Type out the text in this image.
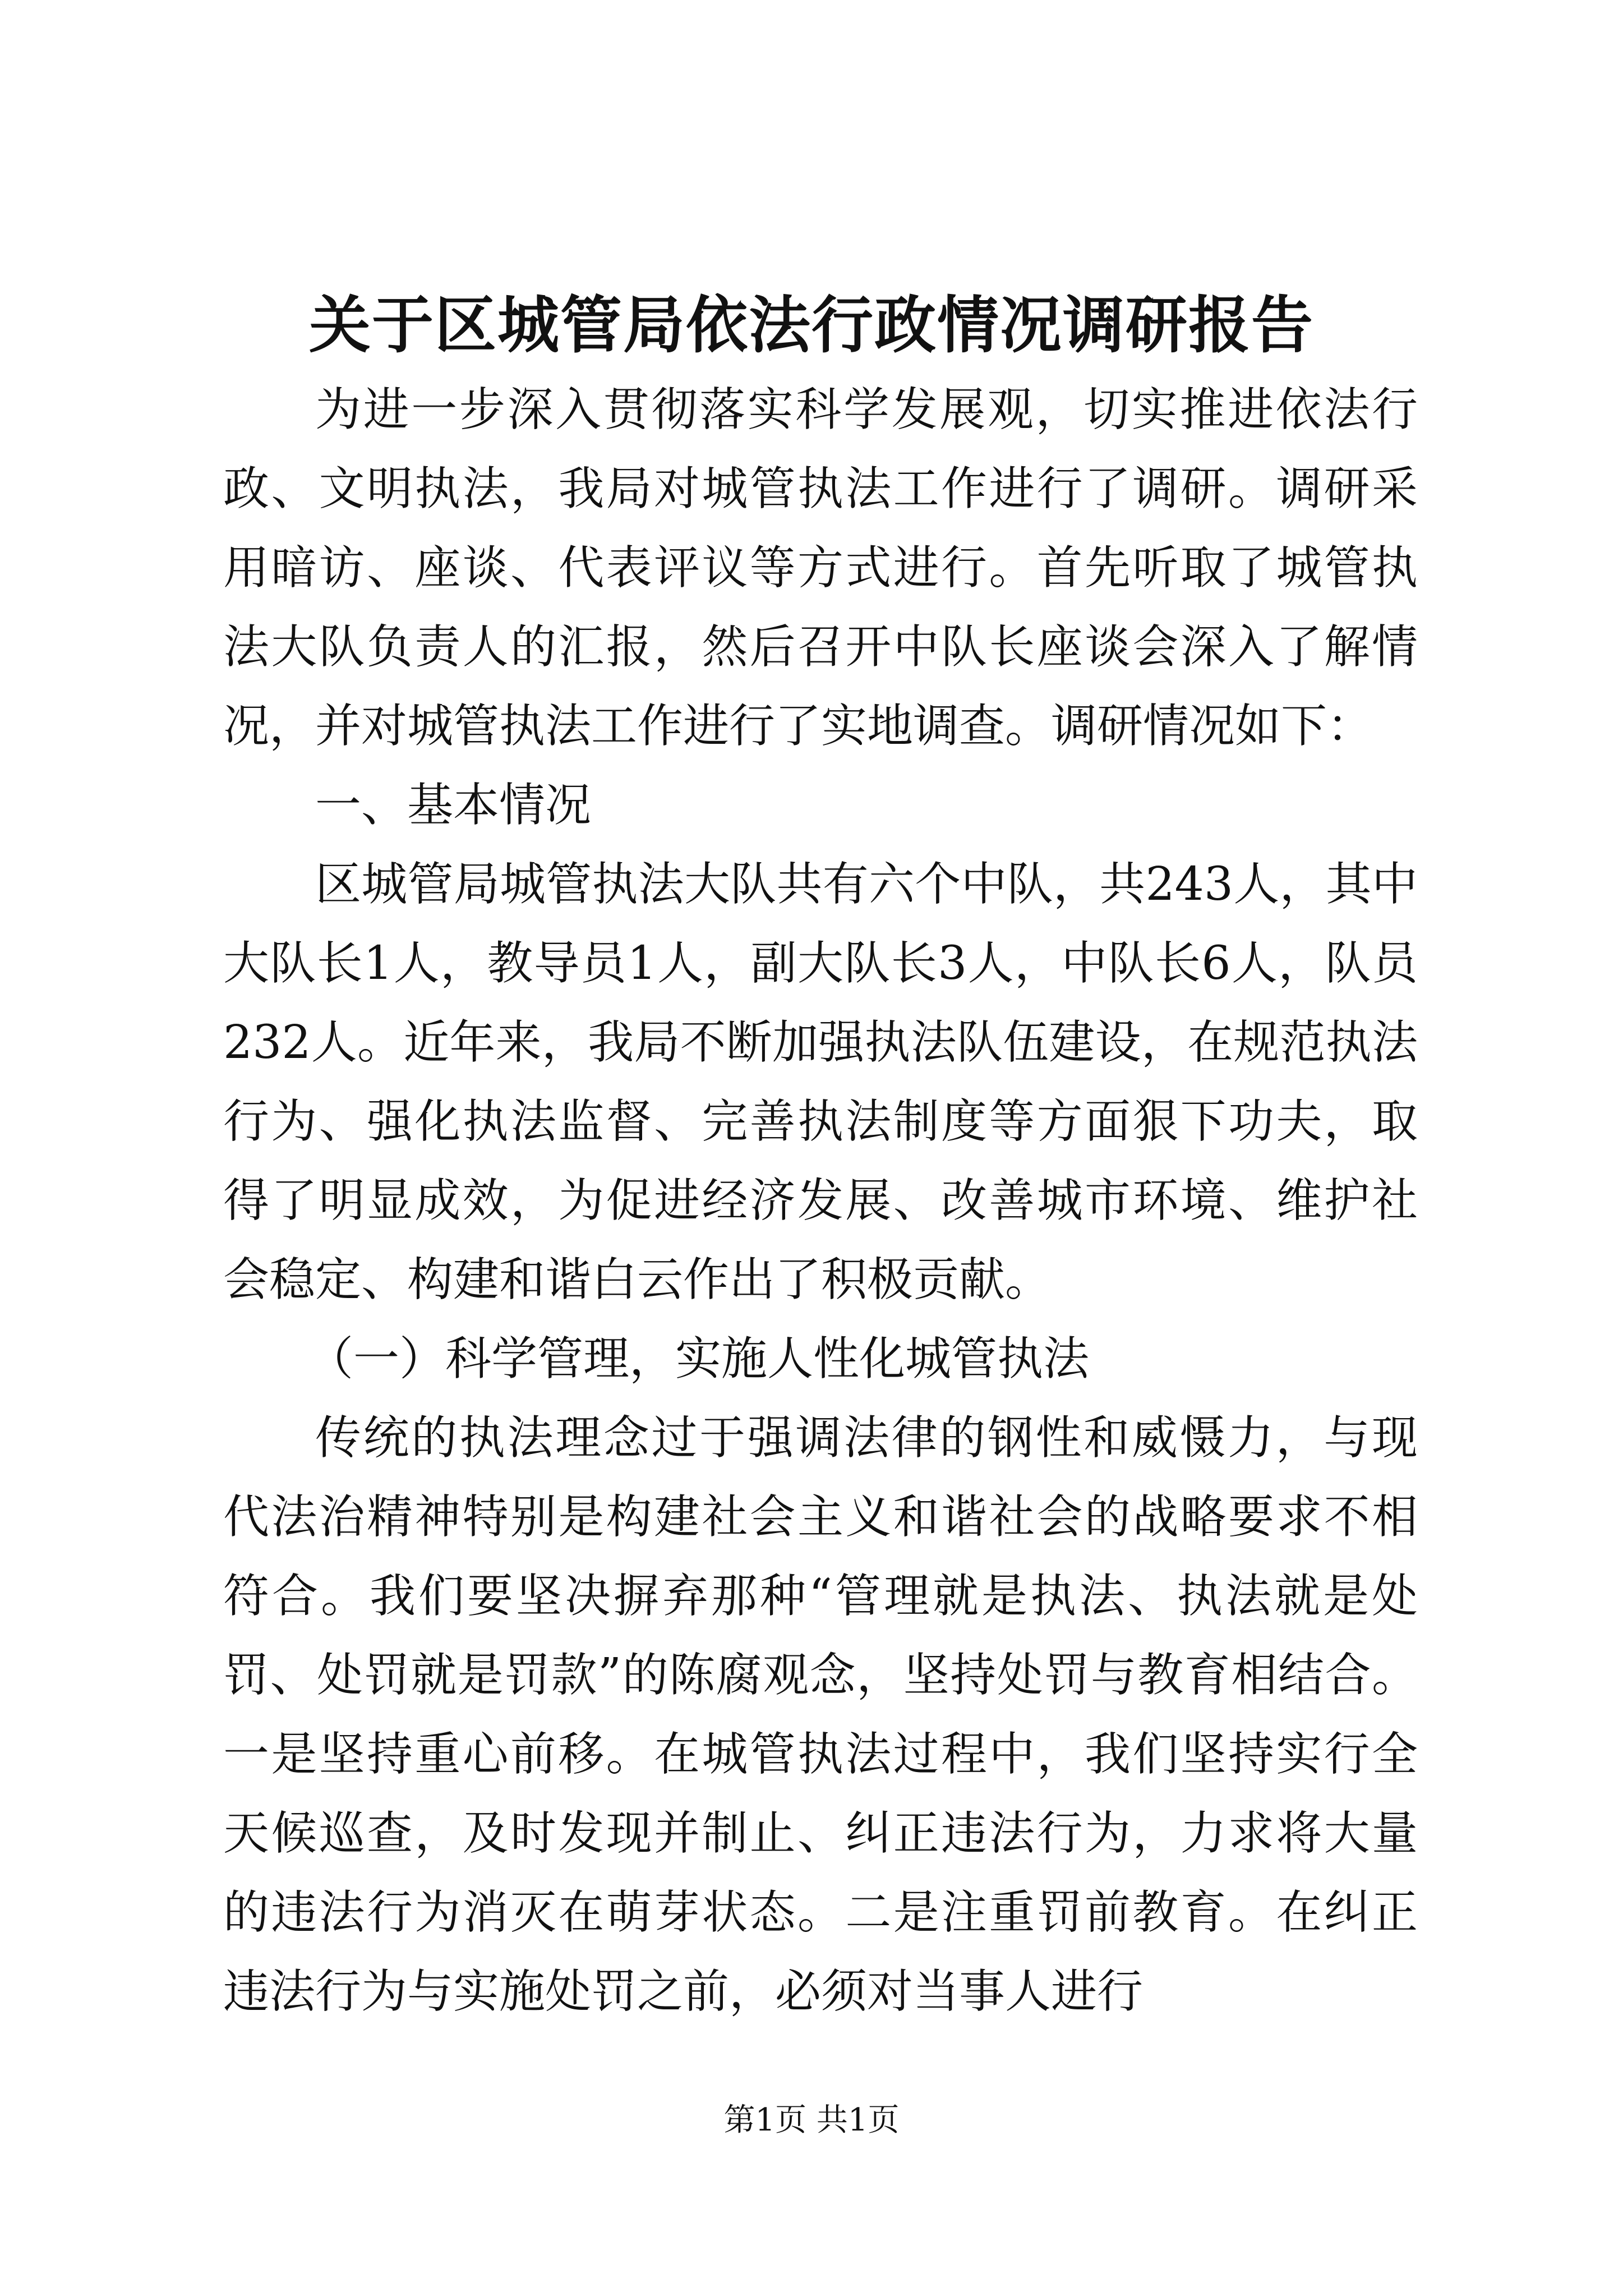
关于区城管局依法行政情况调研报告

为进一步深入贯彻落实科学发展观，切实推进依法行政、文明执法，我局对城管执法工作进行了调研。调研采用暗访、座谈、代表评议等方式进行。首先听取了城管执法大队负责人的汇报，然后召开中队长座谈会深入了解情况，并对城管执法工作进行了实地调查。调研情况如下：

一、基本情况

区城管局城管执法大队共有六个中队，共243人，其中大队长1人，教导员1人，副大队长3人，中队长6人，队员232人。近年来，我局不断加强执法队伍建设，在规范执法行为、强化执法监督、完善执法制度等方面狠下功夫，取得了明显成效，为促进经济发展、改善城市环境、维护社会稳定、构建和谐白云作出了积极贡献。

（一）科学管理，实施人性化城管执法

传统的执法理念过于强调法律的钢性和威慑力，与现代法治精神特别是构建社会主义和谐社会的战略要求不相符合。我们要坚决摒弃那种“管理就是执法、执法就是处罚、处罚就是罚款”的陈腐观念，坚持处罚与教育相结合。一是坚持重心前移。在城管执法过程中，我们坚持实行全天候巡查，及时发现并制止、纠正违法行为，力求将大量的违法行为消灭在萌芽状态。二是注重罚前教育。在纠正违法行为与实施处罚之前，必须对当事人进行

第1页 共1页
